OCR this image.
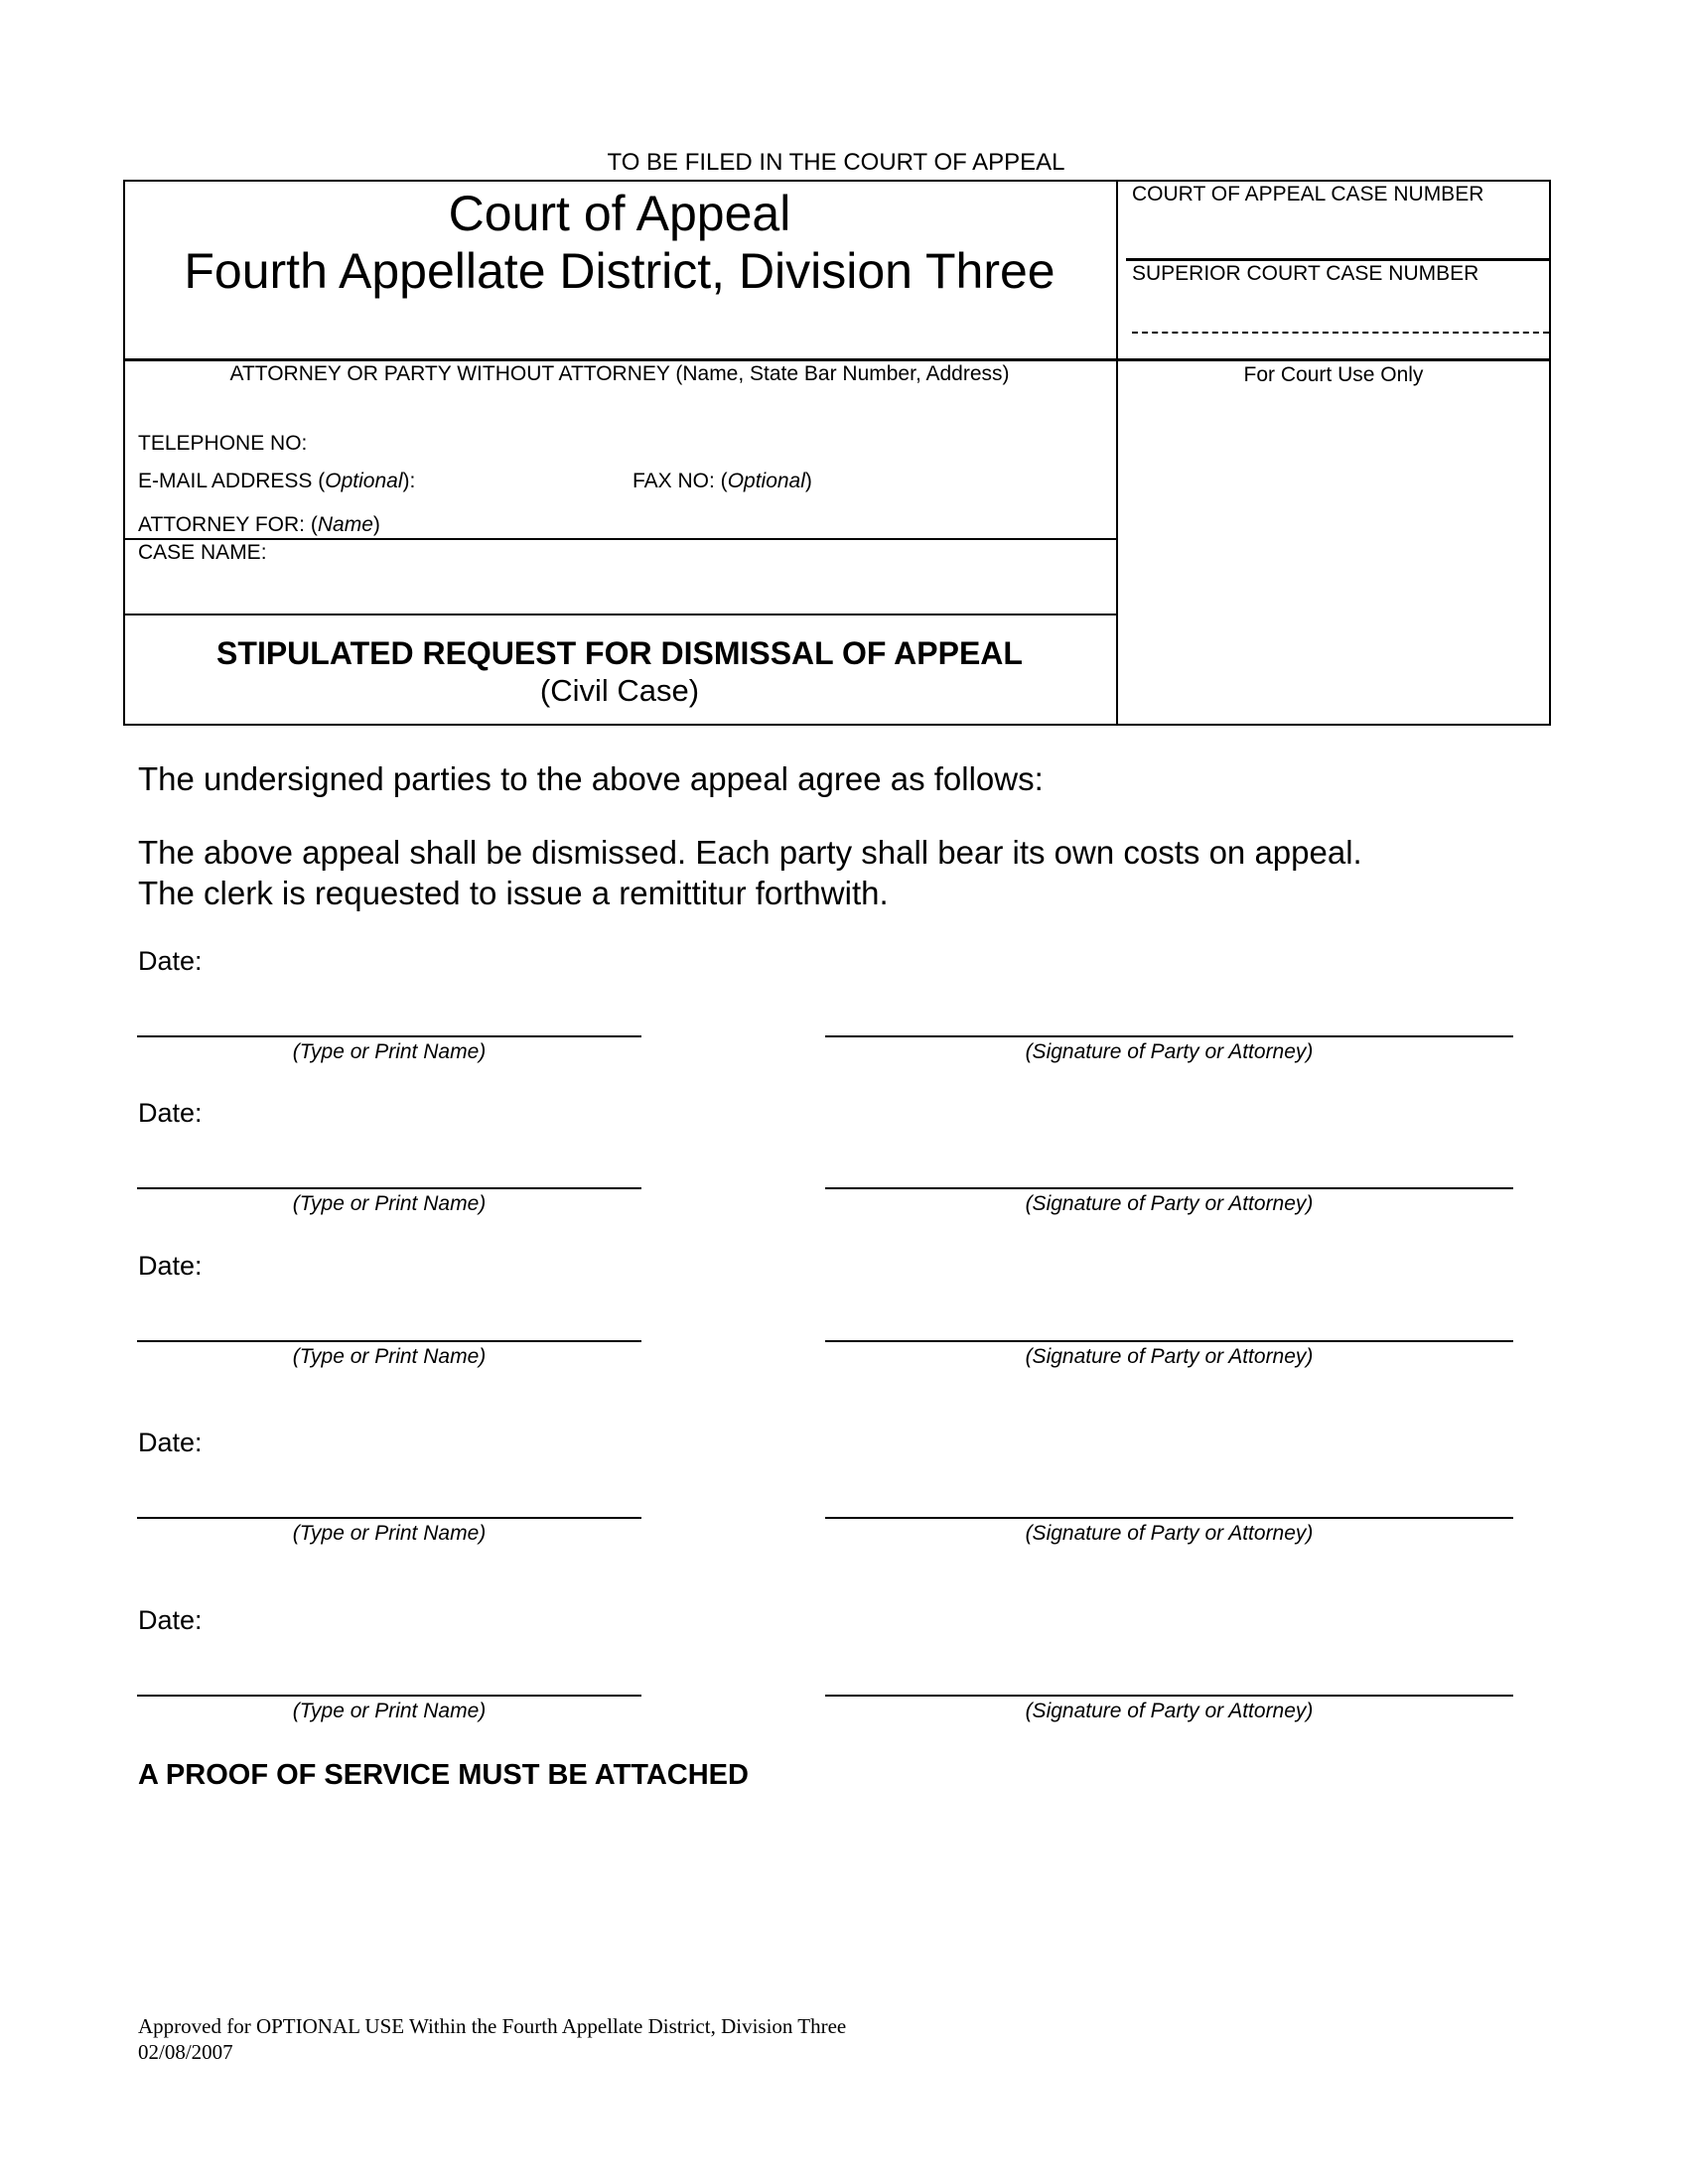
TO BE FILED IN THE COURT OF APPEAL
Court of Appeal
Fourth Appellate District, Division Three
COURT OF APPEAL CASE NUMBER
SUPERIOR COURT CASE NUMBER
ATTORNEY OR PARTY WITHOUT ATTORNEY (Name, State Bar Number, Address)
TELEPHONE NO:
E-MAIL ADDRESS (Optional):	FAX NO: (Optional)
ATTORNEY FOR: (Name)
CASE NAME:
For Court Use Only
STIPULATED REQUEST FOR DISMISSAL OF APPEAL
(Civil Case)
The undersigned parties to the above appeal agree as follows:
The above appeal shall be dismissed. Each party shall bear its own costs on appeal.
The clerk is requested to issue a remittitur forthwith.
Date:
(Type or Print Name)	(Signature of Party or Attorney)
Date:
(Type or Print Name)	(Signature of Party or Attorney)
Date:
(Type or Print Name)	(Signature of Party or Attorney)
Date:
(Type or Print Name)	(Signature of Party or Attorney)
Date:
(Type or Print Name)	(Signature of Party or Attorney)
A PROOF OF SERVICE MUST BE ATTACHED
Approved for OPTIONAL USE Within the Fourth Appellate District, Division Three
02/08/2007
